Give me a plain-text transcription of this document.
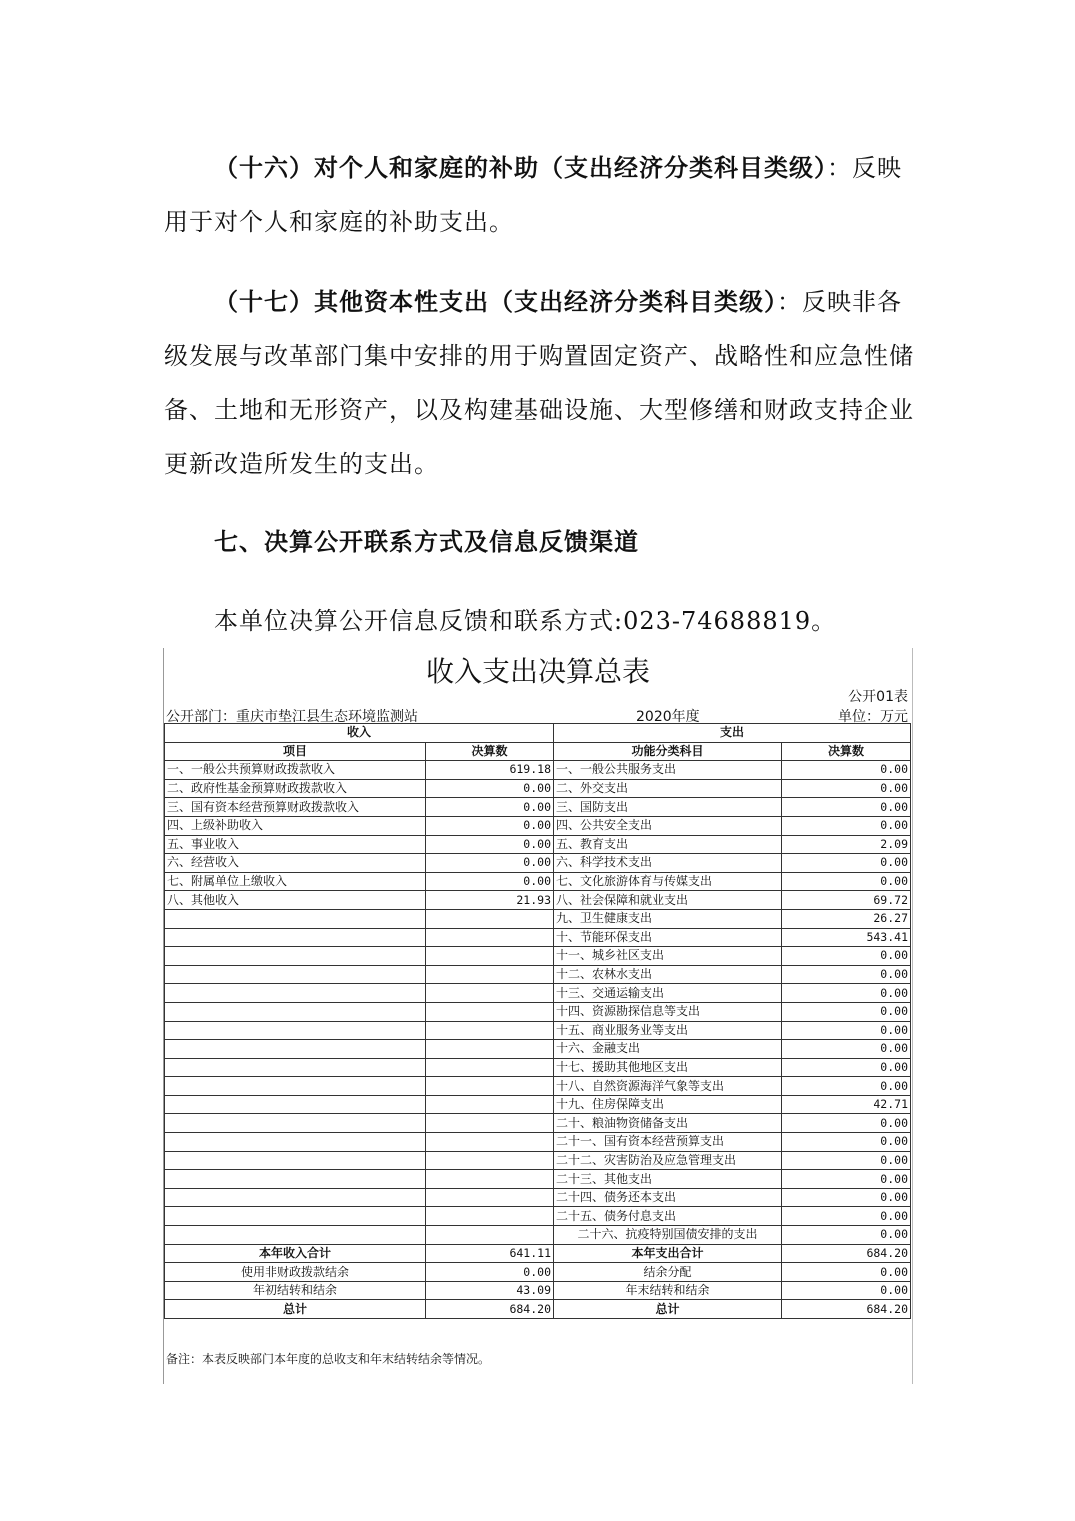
（十六）对个人和家庭的补助（支出经济分类科目类级）：反映
用于对个人和家庭的补助支出。
（十七）其他资本性支出（支出经济分类科目类级）：反映非各
级发展与改革部门集中安排的用于购置固定资产、战略性和应急性储
备、土地和无形资产，以及构建基础设施、大型修缮和财政支持企业
更新改造所发生的支出。
七、决算公开联系方式及信息反馈渠道
本单位决算公开信息反馈和联系方式:023-74688819。
收入支出决算总表
公开01表
公开部门：重庆市垫江县生态环境监测站	2020年度	单位：万元
收入		支出	
项目	决算数	功能分类科目	决算数
一、一般公共预算财政拨款收入	619.18	一、一般公共服务支出	0.00
二、政府性基金预算财政拨款收入	0.00	二、外交支出	0.00
三、国有资本经营预算财政拨款收入	0.00	三、国防支出	0.00
四、上级补助收入	0.00	四、公共安全支出	0.00
五、事业收入	0.00	五、教育支出	2.09
六、经营收入	0.00	六、科学技术支出	0.00
七、附属单位上缴收入	0.00	七、文化旅游体育与传媒支出	0.00
八、其他收入	21.93	八、社会保障和就业支出	69.72
		九、卫生健康支出	26.27
		十、节能环保支出	543.41
		十一、城乡社区支出	0.00
		十二、农林水支出	0.00
		十三、交通运输支出	0.00
		十四、资源勘探信息等支出	0.00
		十五、商业服务业等支出	0.00
		十六、金融支出	0.00
		十七、援助其他地区支出	0.00
		十八、自然资源海洋气象等支出	0.00
		十九、住房保障支出	42.71
		二十、粮油物资储备支出	0.00
		二十一、国有资本经营预算支出	0.00
		二十二、灾害防治及应急管理支出	0.00
		二十三、其他支出	0.00
		二十四、债务还本支出	0.00
		二十五、债务付息支出	0.00
		二十六、抗疫特别国债安排的支出	0.00
本年收入合计	641.11	本年支出合计	684.20
使用非财政拨款结余	0.00	结余分配	0.00
年初结转和结余	43.09	年末结转和结余	0.00
总计	684.20	总计	684.20
备注：本表反映部门本年度的总收支和年末结转结余等情况。
